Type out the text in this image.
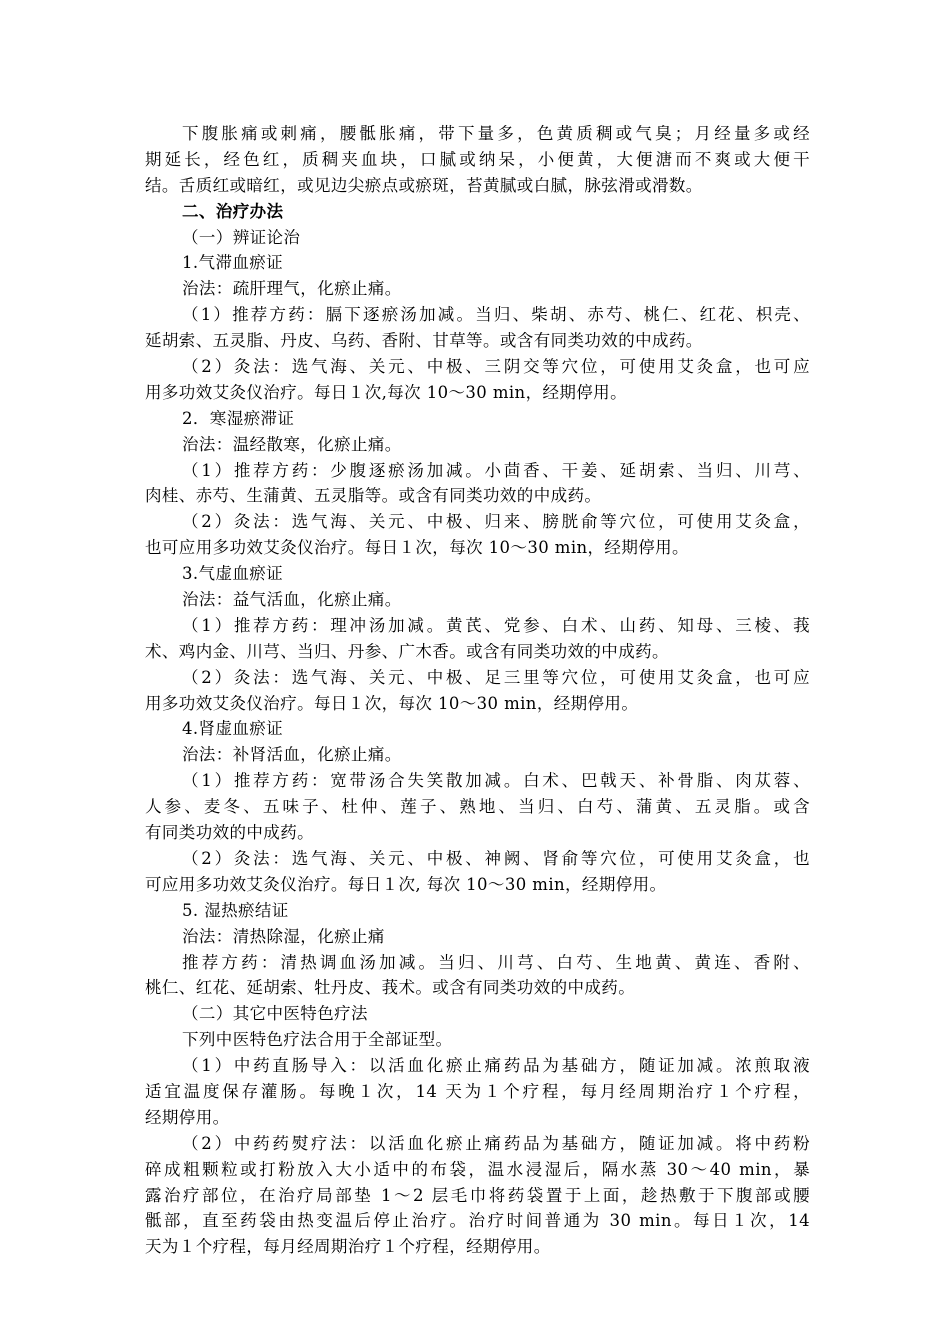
下腹胀痛或刺痛，腰骶胀痛，带下量多，色黄质稠或气臭；月经量多或经
期延长，经色红，质稠夹血块，口腻或纳呆，小便黄，大便溏而不爽或大便干
结。舌质红或暗红，或见边尖瘀点或瘀斑，苔黄腻或白腻，脉弦滑或滑数。
二、治疗办法
（一）辨证论治
1.气滞血瘀证
治法：疏肝理气，化瘀止痛。
（1）推荐方药：膈下逐瘀汤加减。当归、柴胡、赤芍、桃仁、红花、枳壳、
延胡索、五灵脂、丹皮、乌药、香附、甘草等。或含有同类功效的中成药。
（2）灸法：选气海、关元、中极、三阴交等穴位，可使用艾灸盒，也可应
用多功效艾灸仪治疗。每日１次,每次 10～30 min，经期停用。
2．寒湿瘀滞证
治法：温经散寒，化瘀止痛。
（1）推荐方药：少腹逐瘀汤加减。小茴香、干姜、延胡索、当归、川芎、
肉桂、赤芍、生蒲黄、五灵脂等。或含有同类功效的中成药。
（2）灸法：选气海、关元、中极、归来、膀胱俞等穴位，可使用艾灸盒，
也可应用多功效艾灸仪治疗。每日１次，每次 10～30 min，经期停用。
3.气虚血瘀证
治法：益气活血，化瘀止痛。
（1）推荐方药：理冲汤加减。黄芪、党参、白术、山药、知母、三棱、莪
术、鸡内金、川芎、当归、丹参、广木香。或含有同类功效的中成药。
（2）灸法：选气海、关元、中极、足三里等穴位，可使用艾灸盒，也可应
用多功效艾灸仪治疗。每日１次，每次 10～30 min，经期停用。
4.肾虚血瘀证
治法：补肾活血，化瘀止痛。
（1）推荐方药：宽带汤合失笑散加减。白术、巴戟天、补骨脂、肉苁蓉、
人参、麦冬、五味子、杜仲、莲子、熟地、当归、白芍、蒲黄、五灵脂。或含
有同类功效的中成药。
（2）灸法：选气海、关元、中极、神阙、肾俞等穴位，可使用艾灸盒，也
可应用多功效艾灸仪治疗。每日１次, 每次 10～30 min，经期停用。
5. 湿热瘀结证
治法：清热除湿，化瘀止痛
推荐方药：清热调血汤加减。当归、川芎、白芍、生地黄、黄连、香附、
桃仁、红花、延胡索、牡丹皮、莪术。或含有同类功效的中成药。
（二）其它中医特色疗法
下列中医特色疗法合用于全部证型。
（1）中药直肠导入：以活血化瘀止痛药品为基础方，随证加减。浓煎取液
适宜温度保存灌肠。每晚１次，14 天为１个疗程，每月经周期治疗１个疗程，
经期停用。
（2）中药药熨疗法：以活血化瘀止痛药品为基础方，随证加减。将中药粉
碎成粗颗粒或打粉放入大小适中的布袋，温水浸湿后，隔水蒸 30～40 min，暴
露治疗部位，在治疗局部垫 1～2 层毛巾将药袋置于上面，趁热敷于下腹部或腰
骶部，直至药袋由热变温后停止治疗。治疗时间普通为 30 min。每日１次，14
天为１个疗程，每月经周期治疗１个疗程，经期停用。
